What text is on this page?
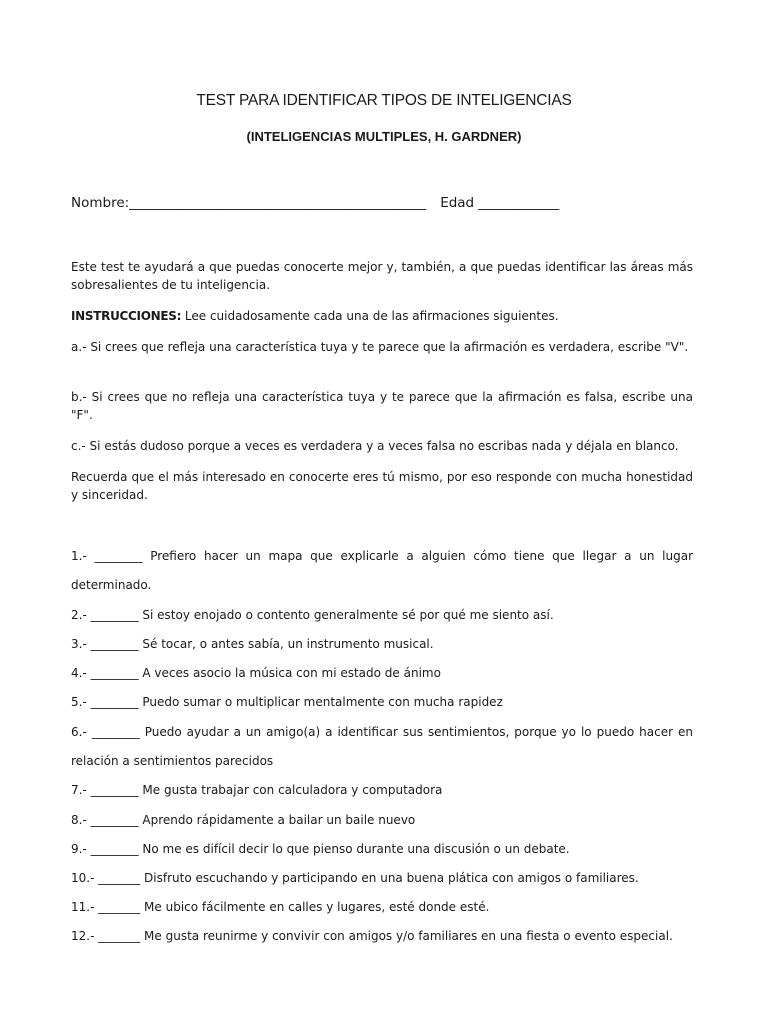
TEST PARA IDENTIFICAR TIPOS DE INTELIGENCIAS
(INTELIGENCIAS MULTIPLES, H. GARDNER)
Nombre:____________________________________________ Edad ____________
Este test te ayudará a que puedas conocerte mejor y, también, a que puedas identificar las áreas más sobresalientes de tu inteligencia.
INSTRUCCIONES: Lee cuidadosamente cada una de las afirmaciones siguientes.
a.- Si crees que refleja una característica tuya y te parece que la afirmación es verdadera, escribe "V".
b.- Si crees que no refleja una característica tuya y te parece que la afirmación es falsa, escribe una "F".
c.- Si estás dudoso porque a veces es verdadera y a veces falsa no escribas nada y déjala en blanco.
Recuerda que el más interesado en conocerte eres tú mismo, por eso responde con mucha honestidad y sinceridad.
1.- ________ Prefiero hacer un mapa que explicarle a alguien cómo tiene que llegar a un lugar determinado.
2.- ________ Si estoy enojado o contento generalmente sé por qué me siento así.
3.- ________ Sé tocar, o antes sabía, un instrumento musical.
4.- ________ A veces asocio la música con mi estado de ánimo
5.- ________ Puedo sumar o multiplicar mentalmente con mucha rapidez
6.- ________ Puedo ayudar a un amigo(a) a identificar sus sentimientos, porque yo lo puedo hacer en relación a sentimientos parecidos
7.- ________ Me gusta trabajar con calculadora y computadora
8.- ________ Aprendo rápidamente a bailar un baile nuevo
9.- ________ No me es difícil decir lo que pienso durante una discusión o un debate.
10.- _______ Disfruto escuchando y participando en una buena plática con amigos o familiares.
11.- _______ Me ubico fácilmente en calles y lugares, esté donde esté.
12.- _______ Me gusta reunirme y convivir con amigos y/o familiares en una fiesta o evento especial.
